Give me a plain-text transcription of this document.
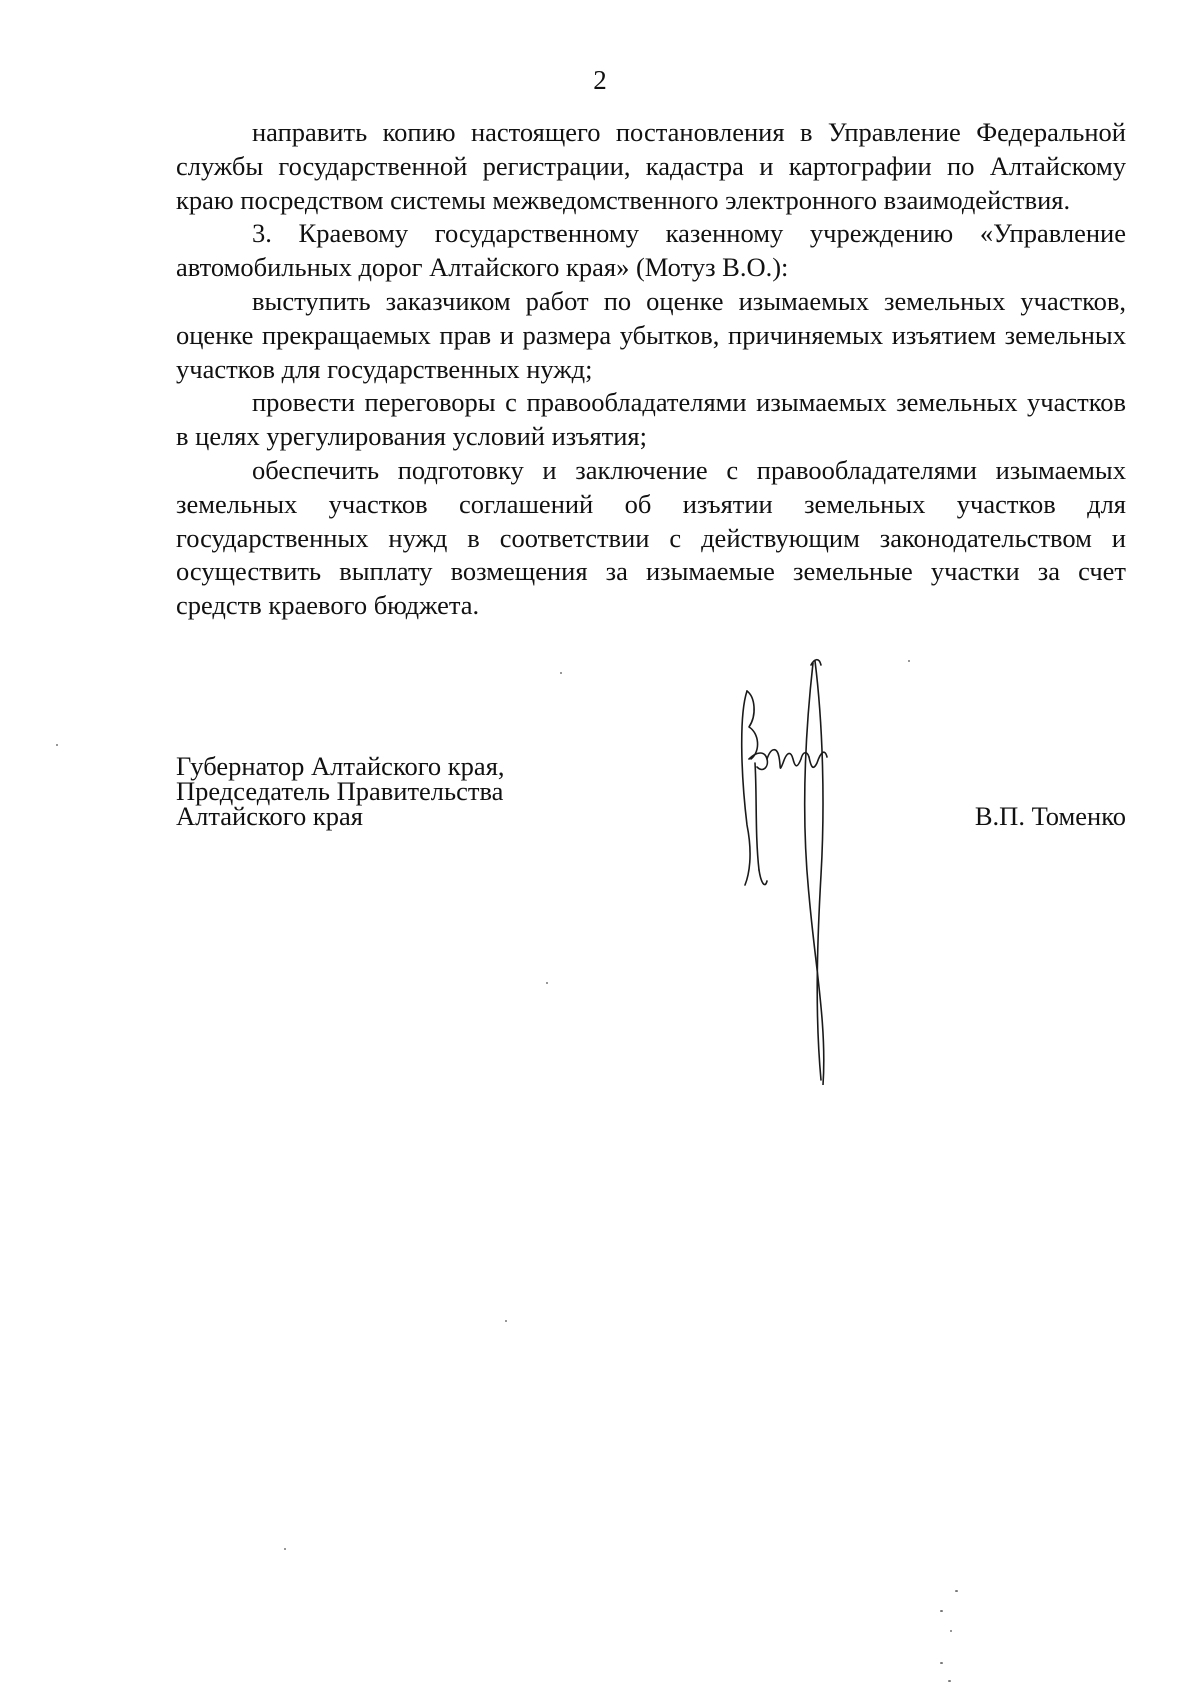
2

направить копию настоящего постановления в Управление Федеральной службы государственной регистрации, кадастра и картографии по Алтайскому краю посредством системы межведомственного электронного взаимодействия.

3. Краевому государственному казенному учреждению «Управление автомобильных дорог Алтайского края» (Мотуз В.О.):

выступить заказчиком работ по оценке изымаемых земельных участков, оценке прекращаемых прав и размера убытков, причиняемых изъятием земельных участков для государственных нужд;

провести переговоры с правообладателями изымаемых земельных участков в целях урегулирования условий изъятия;

обеспечить подготовку и заключение с правообладателями изымаемых земельных участков соглашений об изъятии земельных участков для государственных нужд в соответствии с действующим законодательством и осуществить выплату возмещения за изымаемые земельные участки за счет средств краевого бюджета.

Губернатор Алтайского края,
Председатель Правительства
Алтайского края	В.П. Томенко
